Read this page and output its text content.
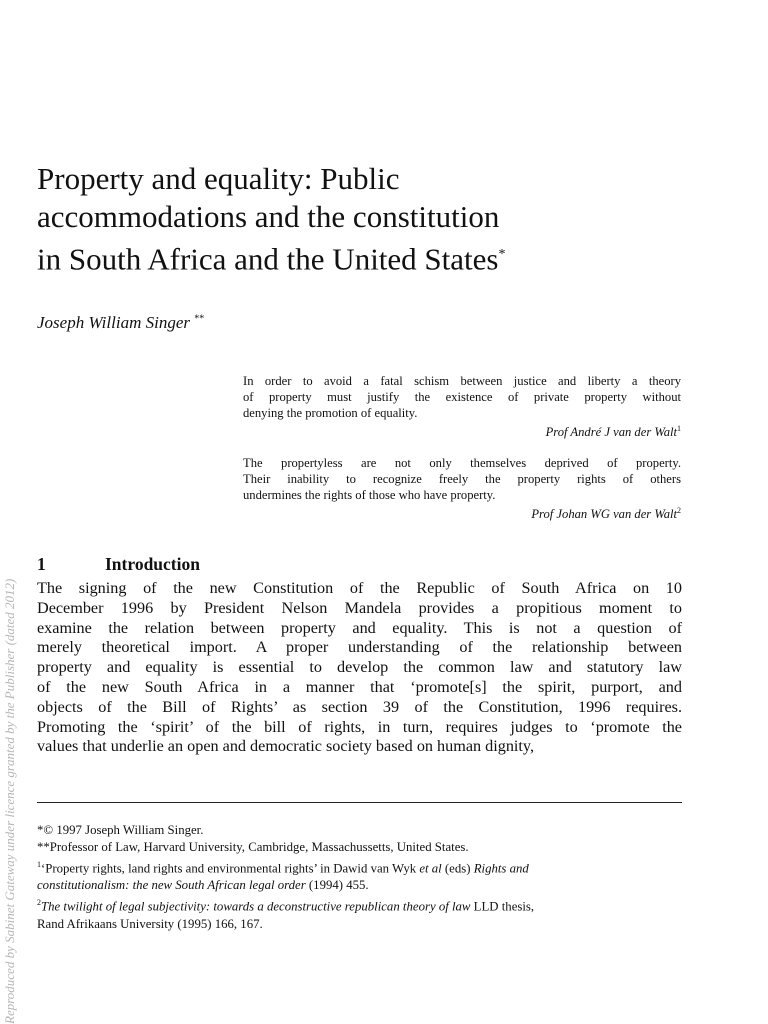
Reproduced by Sabinet Gateway under licence granted by the Publisher (dated 2012)
Property and equality: Public
accommodations and the constitution
in South Africa and the United States*
Joseph William Singer **
In order to avoid a fatal schism between justice and liberty a theory
of property must justify the existence of private property without
denying the promotion of equality.
Prof André J van der Walt$^1$
The propertyless are not only themselves deprived of property.
Their inability to recognize freely the property rights of others
undermines the rights of those who have property.
Prof Johan WG van der Walt$^2$
1	Introduction
The signing of the new Constitution of the Republic of South Africa on 10
December 1996 by President Nelson Mandela provides a propitious moment to
examine the relation between property and equality. This is not a question of
merely theoretical import. A proper understanding of the relationship between
property and equality is essential to develop the common law and statutory law
of the new South Africa in a manner that ‘promote[s] the spirit, purport, and
objects of the Bill of Rights’ as section 39 of the Constitution, 1996 requires.
Promoting the ‘spirit’ of the bill of rights, in turn, requires judges to ‘promote the
values that underlie an open and democratic society based on human dignity,
*© 1997 Joseph William Singer.
**Professor of Law, Harvard University, Cambridge, Massachussetts, United States.
$^1$‘Property rights, land rights and environmental rights’ in Dawid van Wyk et al (eds) Rights and
constitutionalism: the new South African legal order (1994) 455.
$^2$The twilight of legal subjectivity: towards a deconstructive republican theory of law LLD thesis,
Rand Afrikaans University (1995) 166, 167.
